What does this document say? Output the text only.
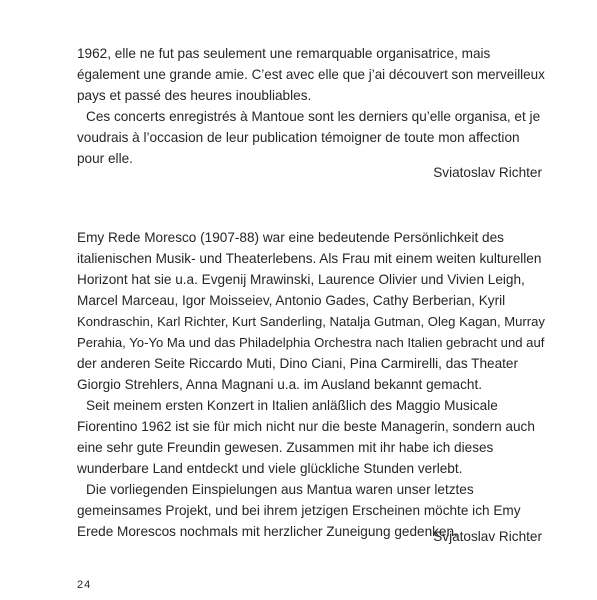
1962, elle ne fut pas seulement une remarquable organisatrice, mais
également une grande amie. C’est avec elle que j’ai découvert son merveilleux
pays et passé des heures inoubliables.
Ces concerts enregistrés à Mantoue sont les derniers qu’elle organisa, et je
voudrais à l’occasion de leur publication témoigner de toute mon affection
pour elle.
Sviatoslav Richter
Emy Rede Moresco (1907-88) war eine bedeutende Persönlichkeit des
italienischen Musik- und Theaterlebens. Als Frau mit einem weiten kulturellen
Horizont hat sie u.a. Evgenij Mrawinski, Laurence Olivier und Vivien Leigh,
Marcel Marceau, Igor Moisseiev, Antonio Gades, Cathy Berberian, Kyril
Kondraschin, Karl Richter, Kurt Sanderling, Natalja Gutman, Oleg Kagan, Murray
Perahia, Yo-Yo Ma und das Philadelphia Orchestra nach Italien gebracht und auf
der anderen Seite Riccardo Muti, Dino Ciani, Pina Carmirelli, das Theater
Giorgio Strehlers, Anna Magnani u.a. im Ausland bekannt gemacht.
Seit meinem ersten Konzert in Italien anläßlich des Maggio Musicale
Fiorentino 1962 ist sie für mich nicht nur die beste Managerin, sondern auch
eine sehr gute Freundin gewesen. Zusammen mit ihr habe ich dieses
wunderbare Land entdeckt und viele glückliche Stunden verlebt.
Die vorliegenden Einspielungen aus Mantua waren unser letztes
gemeinsames Projekt, und bei ihrem jetzigen Erscheinen möchte ich Emy
Erede Morescos nochmals mit herzlicher Zuneigung gedenken.
Svjatoslav Richter
24
